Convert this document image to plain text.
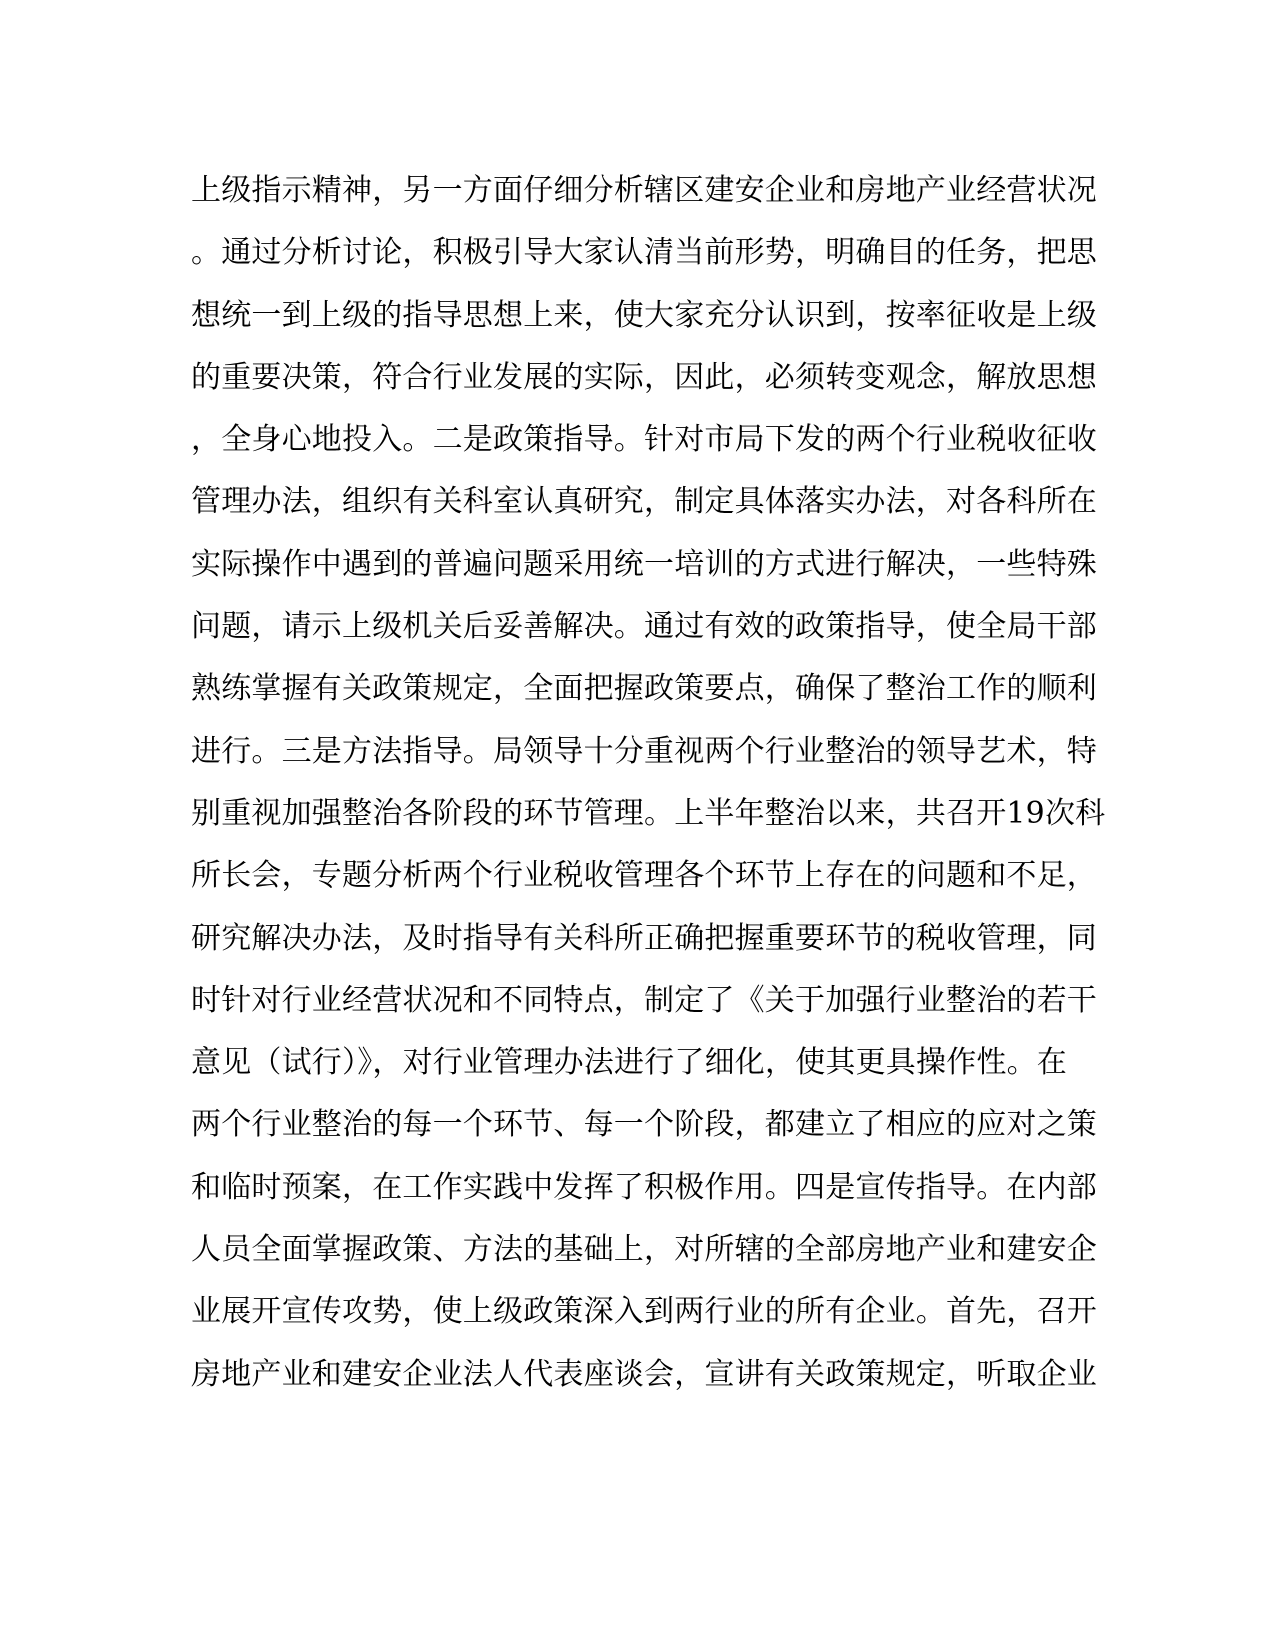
上级指示精神，另一方面仔细分析辖区建安企业和房地产业经营状况
。通过分析讨论，积极引导大家认清当前形势，明确目的任务，把思
想统一到上级的指导思想上来，使大家充分认识到，按率征收是上级
的重要决策，符合行业发展的实际，因此，必须转变观念，解放思想
，全身心地投入。二是政策指导。针对市局下发的两个行业税收征收
管理办法，组织有关科室认真研究，制定具体落实办法，对各科所在
实际操作中遇到的普遍问题采用统一培训的方式进行解决，一些特殊
问题，请示上级机关后妥善解决。通过有效的政策指导，使全局干部
熟练掌握有关政策规定，全面把握政策要点，确保了整治工作的顺利
进行。三是方法指导。局领导十分重视两个行业整治的领导艺术，特
别重视加强整治各阶段的环节管理。上半年整治以来，共召开19次科
所长会，专题分析两个行业税收管理各个环节上存在的问题和不足，
研究解决办法，及时指导有关科所正确把握重要环节的税收管理，同
时针对行业经营状况和不同特点，制定了《关于加强行业整治的若干
意见（试行）》，对行业管理办法进行了细化，使其更具操作性。在
两个行业整治的每一个环节、每一个阶段，都建立了相应的应对之策
和临时预案，在工作实践中发挥了积极作用。四是宣传指导。在内部
人员全面掌握政策、方法的基础上，对所辖的全部房地产业和建安企
业展开宣传攻势，使上级政策深入到两行业的所有企业。首先，召开
房地产业和建安企业法人代表座谈会，宣讲有关政策规定，听取企业
